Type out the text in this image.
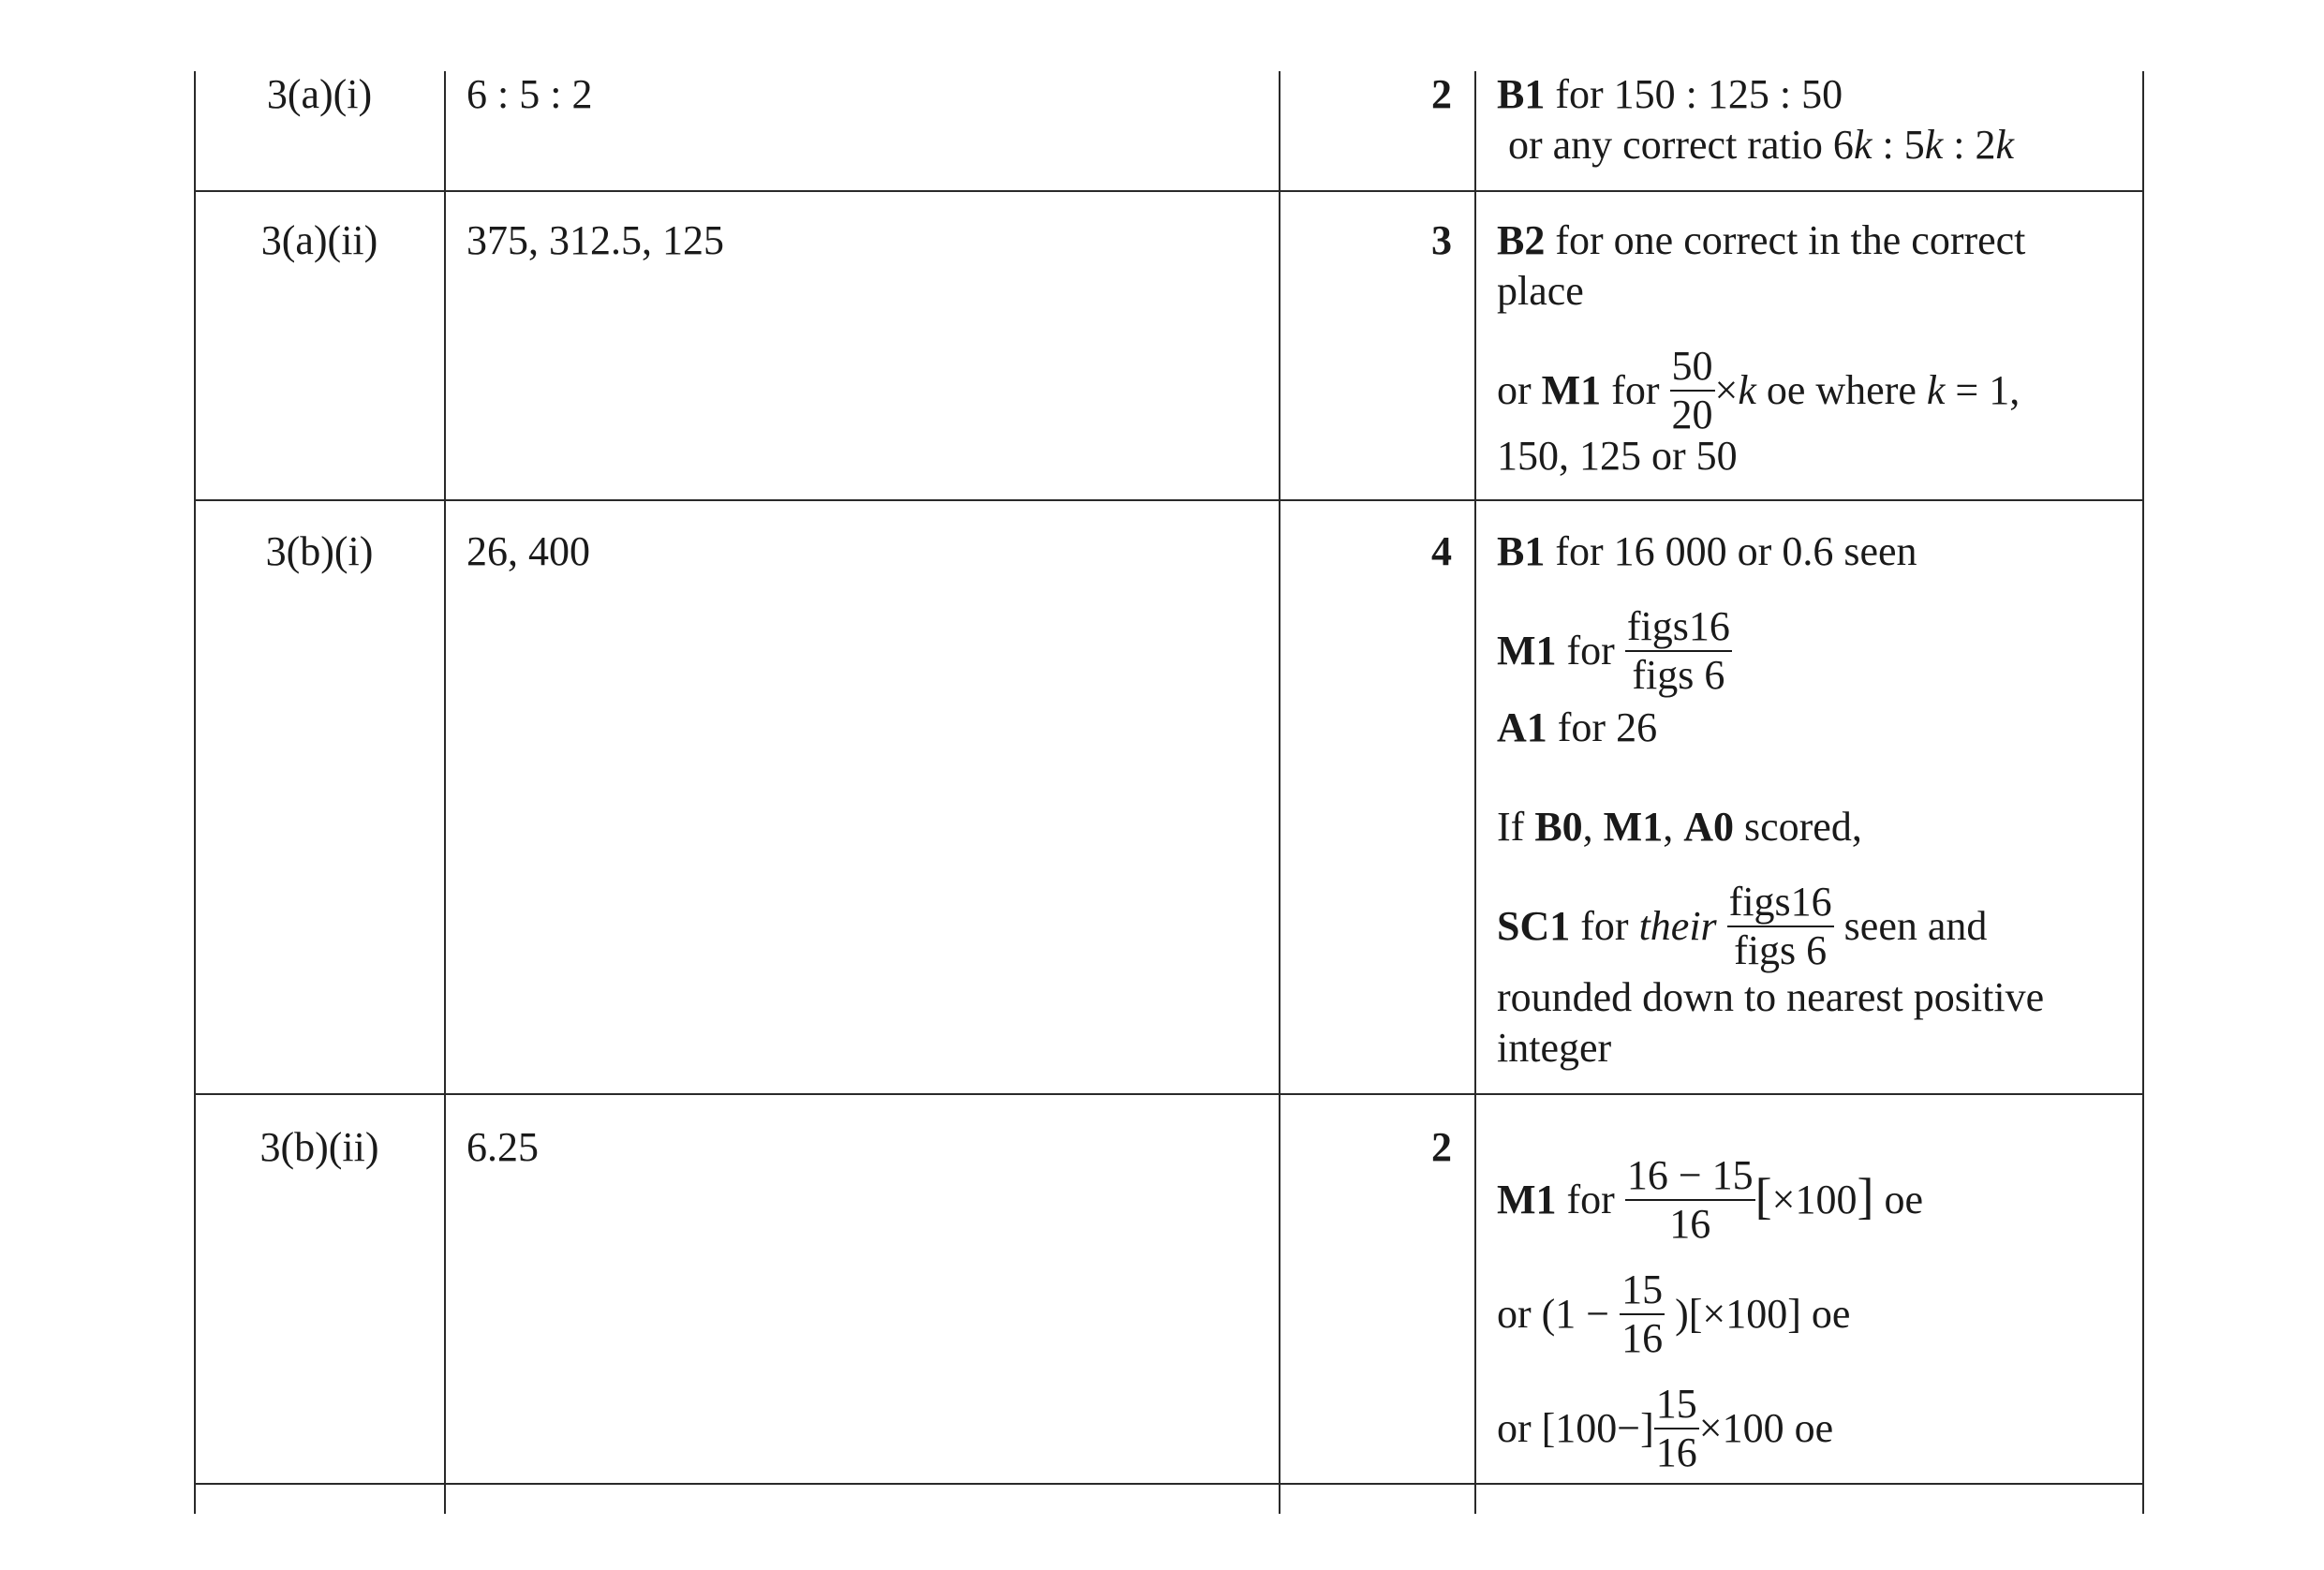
3(a)(i)	6 : 5 : 2	2 B1 for 150 : 125 : 50
or any correct ratio 6k : 5k : 2k
3(a)(ii)	375, 312.5, 125	3 B2 for one correct in the correct
place
or M1 for $\frac{50}{20} \times k$ oe where k = 1,
150, 125 or 50
3(b)(i)	26, 400	4 B1 for 16 000 or 0.6 seen
M1 for $\frac{\text{figs16}}{\text{figs 6}}$
A1 for 26
If B0, M1, A0 scored,
SC1 for their $\frac{\text{figs16}}{\text{figs 6}}$ seen and
rounded down to nearest positive
integer
3(b)(ii)	6.25	2
M1 for $\frac{16 - 15}{16} [\times 100]$ oe
or $(1 - \frac{15}{16} )[\times 100]$ oe
or $[100-] \frac{15}{16} \times 100$ oe
